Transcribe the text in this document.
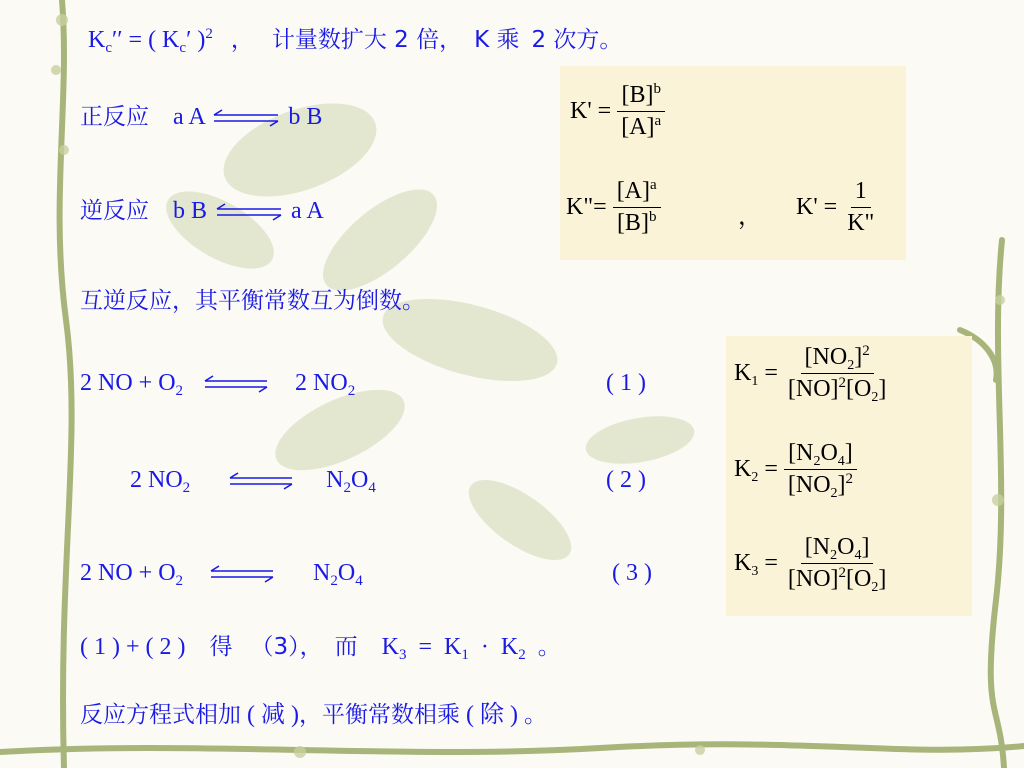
$K_c''$ = ( $K_c'$ )$^2$ ， 计量数扩大 2 倍， K 乘 2 次方。
正反应 a A ⇌ b B
逆反应 b B ⇌ a A
$K' = \frac{[B]^b}{[A]^a}$
K"= $\frac{[A]^a}{[B]^b}$	， $K' = \frac{1}{K"}$
互逆反应，其平衡常数互为倒数。
2 NO + $O_2$ ⇌ 2 $NO_2$	( 1 )
2 $NO_2$ ⇌ $N_2O_4$	( 2 )
2 NO + $O_2$ ⇌ $N_2O_4$	( 3 )
$K_1 = \frac{[NO_2]^2}{[NO]^2[O_2]}$
$K_2 = \frac{[N_2O_4]}{[NO_2]^2}$
$K_3 = \frac{[N_2O_4]}{[NO]^2[O_2]}$
( 1 ) + ( 2 ) 得 （3）， 而 $K_3 = K_1 \cdot K_2$ 。
反应方程式相加 ( 减 )，平衡常数相乘 ( 除 ) 。
